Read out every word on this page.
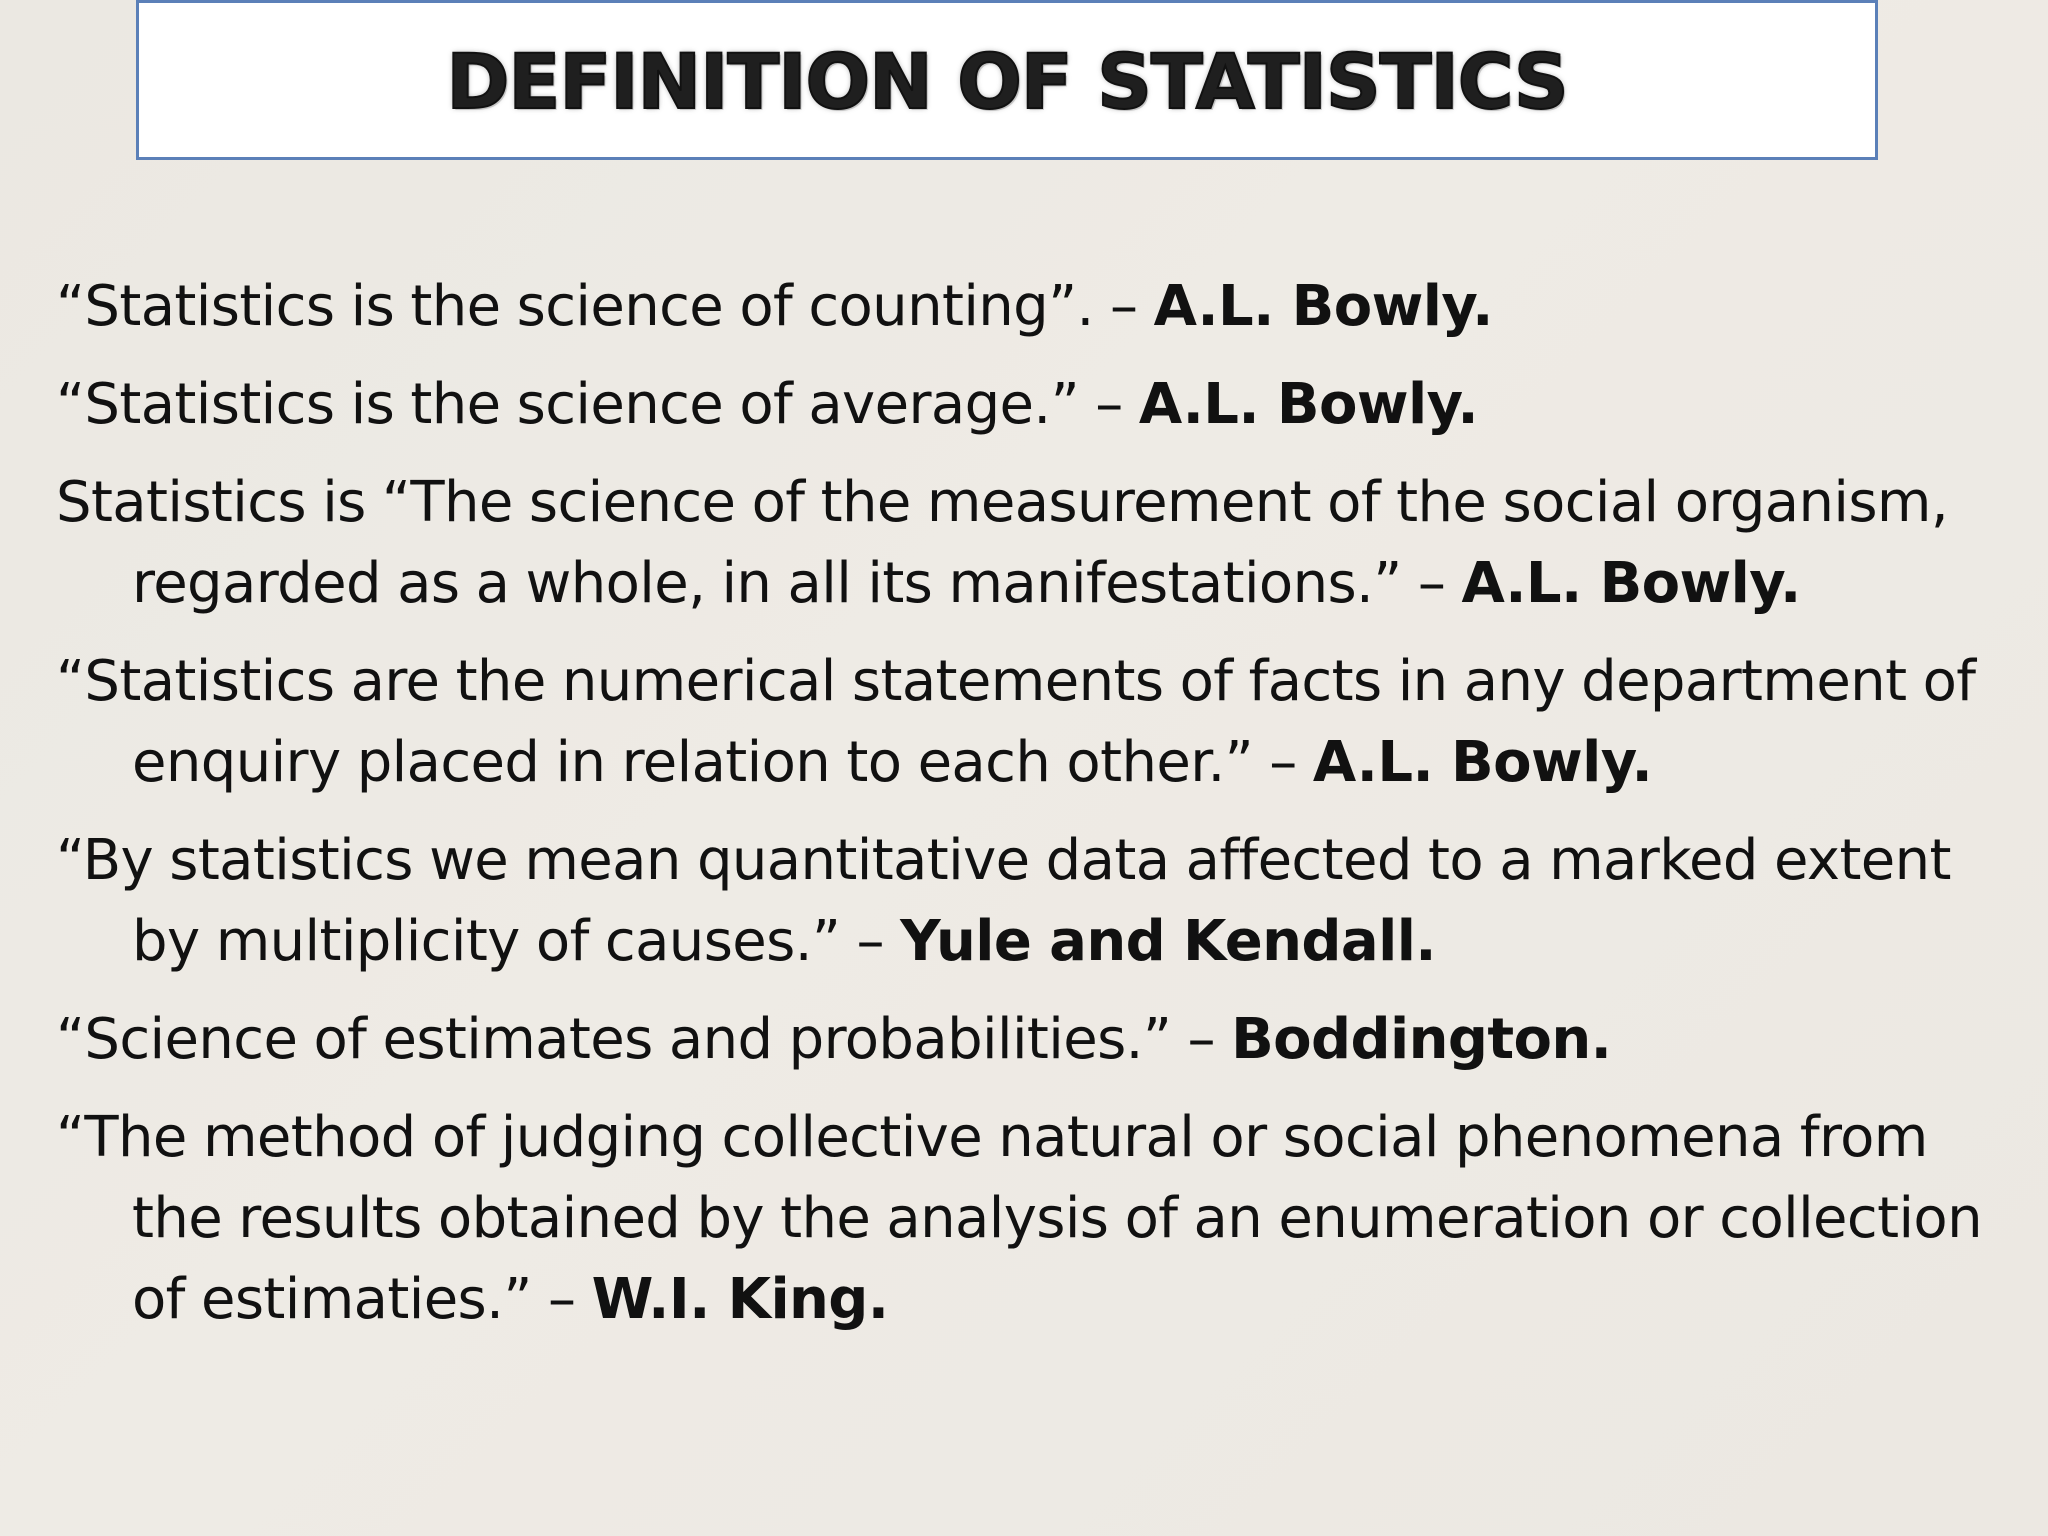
DEFINITION OF STATISTICS
“Statistics is the science of counting”. – A.L. Bowly.
“Statistics is the science of average.” – A.L. Bowly.
Statistics is “The science of the measurement of the social organism, regarded as a whole, in all its manifestations.” – A.L. Bowly.
“Statistics are the numerical statements of facts in any department of enquiry placed in relation to each other.” – A.L. Bowly.
“By statistics we mean quantitative data affected to a marked extent by multiplicity of causes.” – Yule and Kendall.
“Science of estimates and probabilities.” – Boddington.
“The method of judging collective natural or social phenomena from the results obtained by the analysis of an enumeration or collection of estimaties.” – W.I. King.
